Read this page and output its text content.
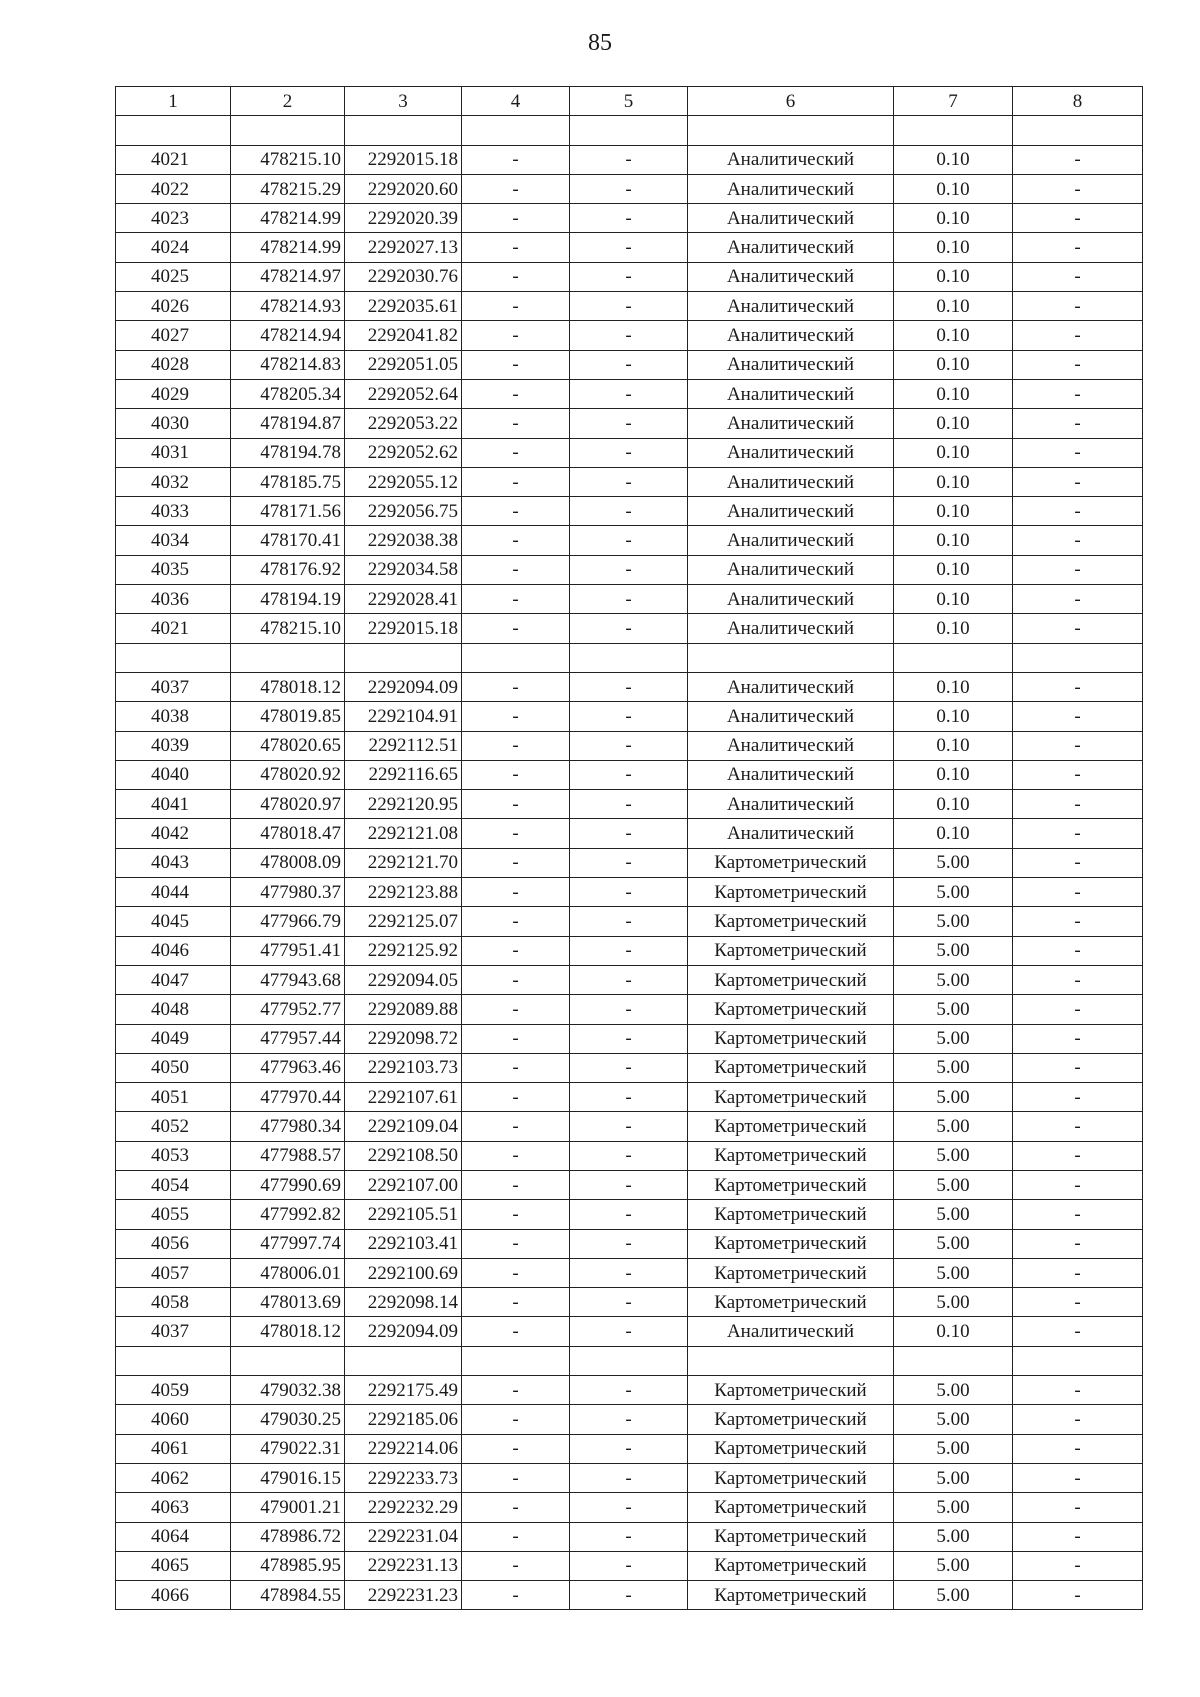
85
1	2	3	4	5	6	7	8

4021	478215.10	2292015.18	-	-	Аналитический	0.10	-
4022	478215.29	2292020.60	-	-	Аналитический	0.10	-
4023	478214.99	2292020.39	-	-	Аналитический	0.10	-
4024	478214.99	2292027.13	-	-	Аналитический	0.10	-
4025	478214.97	2292030.76	-	-	Аналитический	0.10	-
4026	478214.93	2292035.61	-	-	Аналитический	0.10	-
4027	478214.94	2292041.82	-	-	Аналитический	0.10	-
4028	478214.83	2292051.05	-	-	Аналитический	0.10	-
4029	478205.34	2292052.64	-	-	Аналитический	0.10	-
4030	478194.87	2292053.22	-	-	Аналитический	0.10	-
4031	478194.78	2292052.62	-	-	Аналитический	0.10	-
4032	478185.75	2292055.12	-	-	Аналитический	0.10	-
4033	478171.56	2292056.75	-	-	Аналитический	0.10	-
4034	478170.41	2292038.38	-	-	Аналитический	0.10	-
4035	478176.92	2292034.58	-	-	Аналитический	0.10	-
4036	478194.19	2292028.41	-	-	Аналитический	0.10	-
4021	478215.10	2292015.18	-	-	Аналитический	0.10	-

4037	478018.12	2292094.09	-	-	Аналитический	0.10	-
4038	478019.85	2292104.91	-	-	Аналитический	0.10	-
4039	478020.65	2292112.51	-	-	Аналитический	0.10	-
4040	478020.92	2292116.65	-	-	Аналитический	0.10	-
4041	478020.97	2292120.95	-	-	Аналитический	0.10	-
4042	478018.47	2292121.08	-	-	Аналитический	0.10	-
4043	478008.09	2292121.70	-	-	Картометрический	5.00	-
4044	477980.37	2292123.88	-	-	Картометрический	5.00	-
4045	477966.79	2292125.07	-	-	Картометрический	5.00	-
4046	477951.41	2292125.92	-	-	Картометрический	5.00	-
4047	477943.68	2292094.05	-	-	Картометрический	5.00	-
4048	477952.77	2292089.88	-	-	Картометрический	5.00	-
4049	477957.44	2292098.72	-	-	Картометрический	5.00	-
4050	477963.46	2292103.73	-	-	Картометрический	5.00	-
4051	477970.44	2292107.61	-	-	Картометрический	5.00	-
4052	477980.34	2292109.04	-	-	Картометрический	5.00	-
4053	477988.57	2292108.50	-	-	Картометрический	5.00	-
4054	477990.69	2292107.00	-	-	Картометрический	5.00	-
4055	477992.82	2292105.51	-	-	Картометрический	5.00	-
4056	477997.74	2292103.41	-	-	Картометрический	5.00	-
4057	478006.01	2292100.69	-	-	Картометрический	5.00	-
4058	478013.69	2292098.14	-	-	Картометрический	5.00	-
4037	478018.12	2292094.09	-	-	Аналитический	0.10	-

4059	479032.38	2292175.49	-	-	Картометрический	5.00	-
4060	479030.25	2292185.06	-	-	Картометрический	5.00	-
4061	479022.31	2292214.06	-	-	Картометрический	5.00	-
4062	479016.15	2292233.73	-	-	Картометрический	5.00	-
4063	479001.21	2292232.29	-	-	Картометрический	5.00	-
4064	478986.72	2292231.04	-	-	Картометрический	5.00	-
4065	478985.95	2292231.13	-	-	Картометрический	5.00	-
4066	478984.55	2292231.23	-	-	Картометрический	5.00	-
